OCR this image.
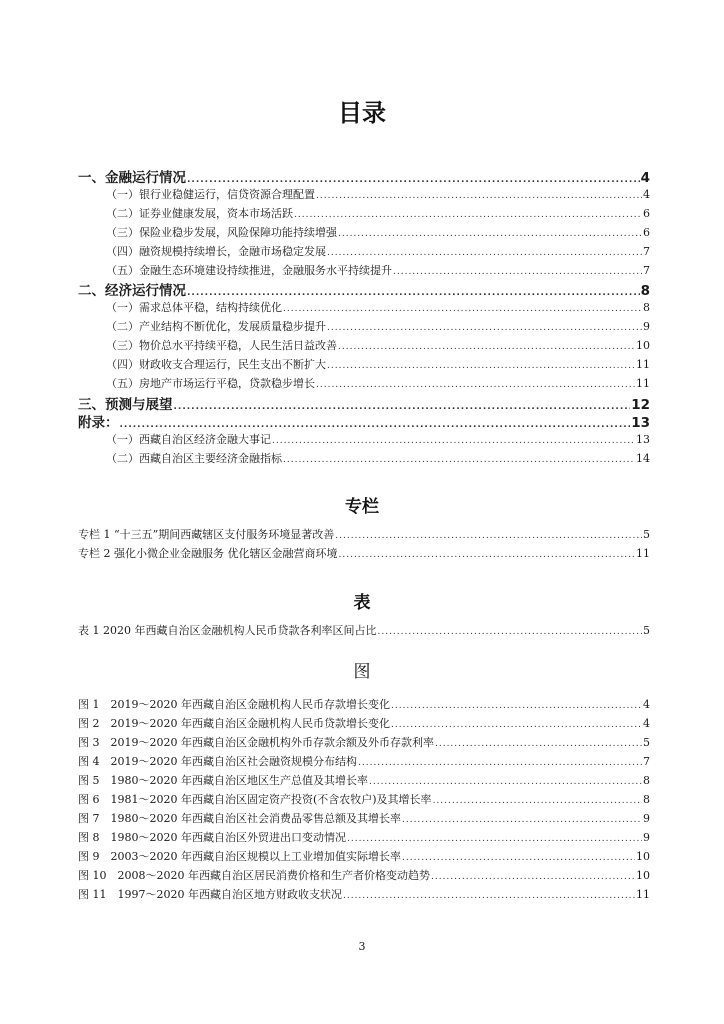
目录
一、金融运行情况 .....	4
（一）银行业稳健运行，信贷资源合理配置 .....	4
（二）证券业健康发展，资本市场活跃 .....	6
（三）保险业稳步发展，风险保障功能持续增强 .....	6
（四）融资规模持续增长，金融市场稳定发展 .....	7
（五）金融生态环境建设持续推进，金融服务水平持续提升 .....	7
二、经济运行情况 .....	8
（一）需求总体平稳，结构持续优化 .....	8
（二）产业结构不断优化，发展质量稳步提升 .....	9
（三）物价总水平持续平稳，人民生活日益改善 .....	10
（四）财政收支合理运行，民生支出不断扩大 .....	11
（五）房地产市场运行平稳，贷款稳步增长 .....	11
三、预测与展望 .....	12
附录： .....	13
（一）西藏自治区经济金融大事记 .....	13
（二）西藏自治区主要经济金融指标 .....	14
专栏
专栏 1 “十三五”期间西藏辖区支付服务环境显著改善 .....	5
专栏 2 强化小微企业金融服务 优化辖区金融营商环境 .....	11
表
表 1 2020 年西藏自治区金融机构人民币贷款各利率区间占比 .....	5
图
图 1　2019～2020 年西藏自治区金融机构人民币存款增长变化 .....	4
图 2　2019～2020 年西藏自治区金融机构人民币贷款增长变化 .....	4
图 3　2019～2020 年西藏自治区金融机构外币存款余额及外币存款利率 .....	5
图 4　2019～2020 年西藏自治区社会融资规模分布结构 .....	7
图 5　1980～2020 年西藏自治区地区生产总值及其增长率 .....	8
图 6　1981～2020 年西藏自治区固定资产投资(不含农牧户)及其增长率 .....	8
图 7　1980～2020 年西藏自治区社会消费品零售总额及其增长率 .....	9
图 8　1980～2020 年西藏自治区外贸进出口变动情况 .....	9
图 9　2003～2020 年西藏自治区规模以上工业增加值实际增长率 .....	10
图 10　2008～2020 年西藏自治区居民消费价格和生产者价格变动趋势 .....	10
图 11　1997～2020 年西藏自治区地方财政收支状况 .....	11
3
